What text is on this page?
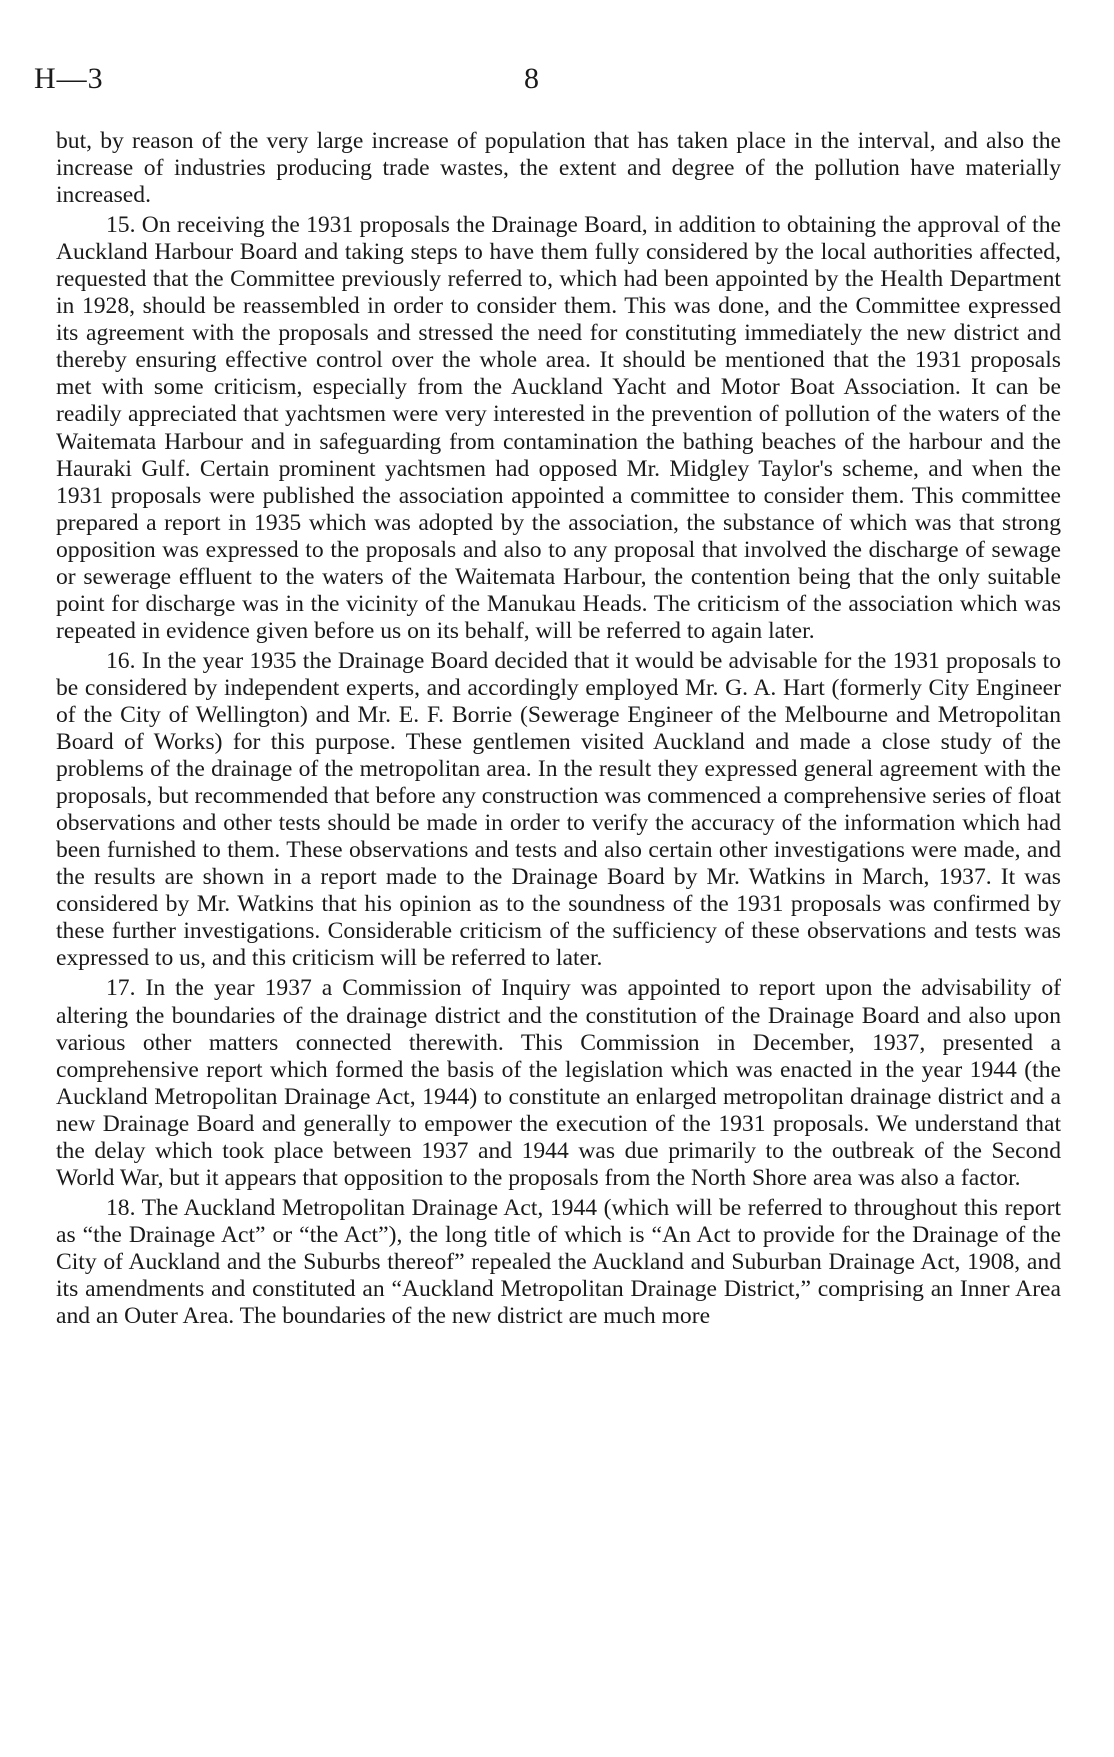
H—3	8

but, by reason of the very large increase of population that has taken place in the interval, and also the increase of industries producing trade wastes, the extent and degree of the pollution have materially increased.

15. On receiving the 1931 proposals the Drainage Board, in addition to obtaining the approval of the Auckland Harbour Board and taking steps to have them fully considered by the local authorities affected, requested that the Committee previously referred to, which had been appointed by the Health Department in 1928, should be reassembled in order to consider them. This was done, and the Committee expressed its agreement with the proposals and stressed the need for constituting immediately the new district and thereby ensuring effective control over the whole area. It should be mentioned that the 1931 proposals met with some criticism, especially from the Auckland Yacht and Motor Boat Association. It can be readily appreciated that yachtsmen were very interested in the prevention of pollution of the waters of the Waitemata Harbour and in safeguarding from contamination the bathing beaches of the harbour and the Hauraki Gulf. Certain prominent yachtsmen had opposed Mr. Midgley Taylor's scheme, and when the 1931 proposals were published the association appointed a committee to consider them. This committee prepared a report in 1935 which was adopted by the association, the substance of which was that strong opposition was expressed to the proposals and also to any proposal that involved the discharge of sewage or sewerage effluent to the waters of the Waitemata Harbour, the contention being that the only suitable point for discharge was in the vicinity of the Manukau Heads. The criticism of the association which was repeated in evidence given before us on its behalf, will be referred to again later.

16. In the year 1935 the Drainage Board decided that it would be advisable for the 1931 proposals to be considered by independent experts, and accordingly employed Mr. G. A. Hart (formerly City Engineer of the City of Wellington) and Mr. E. F. Borrie (Sewerage Engineer of the Melbourne and Metropolitan Board of Works) for this purpose. These gentlemen visited Auckland and made a close study of the problems of the drainage of the metropolitan area. In the result they expressed general agreement with the proposals, but recommended that before any construction was commenced a comprehensive series of float observations and other tests should be made in order to verify the accuracy of the information which had been furnished to them. These observations and tests and also certain other investigations were made, and the results are shown in a report made to the Drainage Board by Mr. Watkins in March, 1937. It was considered by Mr. Watkins that his opinion as to the soundness of the 1931 proposals was confirmed by these further investigations. Considerable criticism of the sufficiency of these observations and tests was expressed to us, and this criticism will be referred to later.

17. In the year 1937 a Commission of Inquiry was appointed to report upon the advisability of altering the boundaries of the drainage district and the constitution of the Drainage Board and also upon various other matters connected therewith. This Commission in December, 1937, presented a comprehensive report which formed the basis of the legislation which was enacted in the year 1944 (the Auckland Metropolitan Drainage Act, 1944) to constitute an enlarged metropolitan drainage district and a new Drainage Board and generally to empower the execution of the 1931 proposals. We understand that the delay which took place between 1937 and 1944 was due primarily to the outbreak of the Second World War, but it appears that opposition to the proposals from the North Shore area was also a factor.

18. The Auckland Metropolitan Drainage Act, 1944 (which will be referred to throughout this report as “the Drainage Act” or “the Act”), the long title of which is “An Act to provide for the Drainage of the City of Auckland and the Suburbs thereof” repealed the Auckland and Suburban Drainage Act, 1908, and its amendments and constituted an “Auckland Metropolitan Drainage District,” comprising an Inner Area and an Outer Area. The boundaries of the new district are much more
